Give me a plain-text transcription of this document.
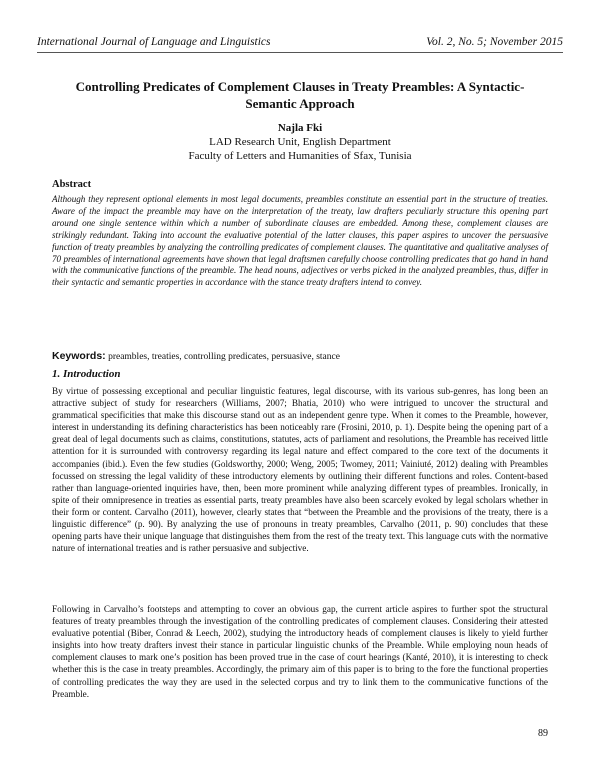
International Journal of Language and Linguistics	Vol. 2, No. 5; November 2015
Controlling Predicates of Complement Clauses in Treaty Preambles: A Syntactic-Semantic Approach
Najla Fki
LAD Research Unit, English Department
Faculty of Letters and Humanities of Sfax, Tunisia
Abstract

Although they represent optional elements in most legal documents, preambles constitute an essential part in the structure of treaties. Aware of the impact the preamble may have on the interpretation of the treaty, law drafters peculiarly structure this opening part around one single sentence within which a number of subordinate clauses are embedded. Among these, complement clauses are strikingly redundant. Taking into account the evaluative potential of the latter clauses, this paper aspires to uncover the persuasive function of treaty preambles by analyzing the controlling predicates of complement clauses. The quantitative and qualitative analyses of 70 preambles of international agreements have shown that legal draftsmen carefully choose controlling predicates that go hand in hand with the communicative functions of the preamble. The head nouns, adjectives or verbs picked in the analyzed preambles, thus, differ in their syntactic and semantic properties in accordance with the stance treaty drafters intend to convey.

Keywords: preambles, treaties, controlling predicates, persuasive, stance

1. Introduction

By virtue of possessing exceptional and peculiar linguistic features, legal discourse, with its various sub-genres, has long been an attractive subject of study for researchers (Williams, 2007; Bhatia, 2010) who were intrigued to uncover the structural and grammatical specificities that make this discourse stand out as an independent genre type. When it comes to the Preamble, however, interest in understanding its defining characteristics has been noticeably rare (Frosini, 2010, p. 1). Despite being the opening part of a great deal of legal documents such as claims, constitutions, statutes, acts of parliament and resolutions, the Preamble has received little attention for it is surrounded with controversy regarding its legal nature and effect compared to the core text of the documents it accompanies (ibid.). Even the few studies (Goldsworthy, 2000; Weng, 2005; Twomey, 2011; Vainiuté, 2012) dealing with Preambles focussed on stressing the legal validity of these introductory elements by outlining their different functions and roles. Content-based rather than language-oriented inquiries have, then, been more prominent while analyzing different types of preambles. Ironically, in spite of their omnipresence in treaties as essential parts, treaty preambles have also been scarcely evoked by legal scholars whether in their form or content. Carvalho (2011), however, clearly states that “between the Preamble and the provisions of the treaty, there is a linguistic difference” (p. 90). By analyzing the use of pronouns in treaty preambles, Carvalho (2011, p. 90) concludes that these opening parts have their unique language that distinguishes them from the rest of the treaty text. This language cuts with the normative nature of international treaties and is rather persuasive and subjective.

Following in Carvalho’s footsteps and attempting to cover an obvious gap, the current article aspires to further spot the structural features of treaty preambles through the investigation of the controlling predicates of complement clauses. Considering their attested evaluative potential (Biber, Conrad & Leech, 2002), studying the introductory heads of complement clauses is likely to yield further insights into how treaty drafters invest their stance in particular linguistic chunks of the Preamble. While employing noun heads of complement clauses to mark one’s position has been proved true in the case of court hearings (Kanté, 2010), it is interesting to check whether this is the case in treaty preambles. Accordingly, the primary aim of this paper is to bring to the fore the functional properties of controlling predicates the way they are used in the selected corpus and try to link them to the communicative functions of the Preamble.

89
